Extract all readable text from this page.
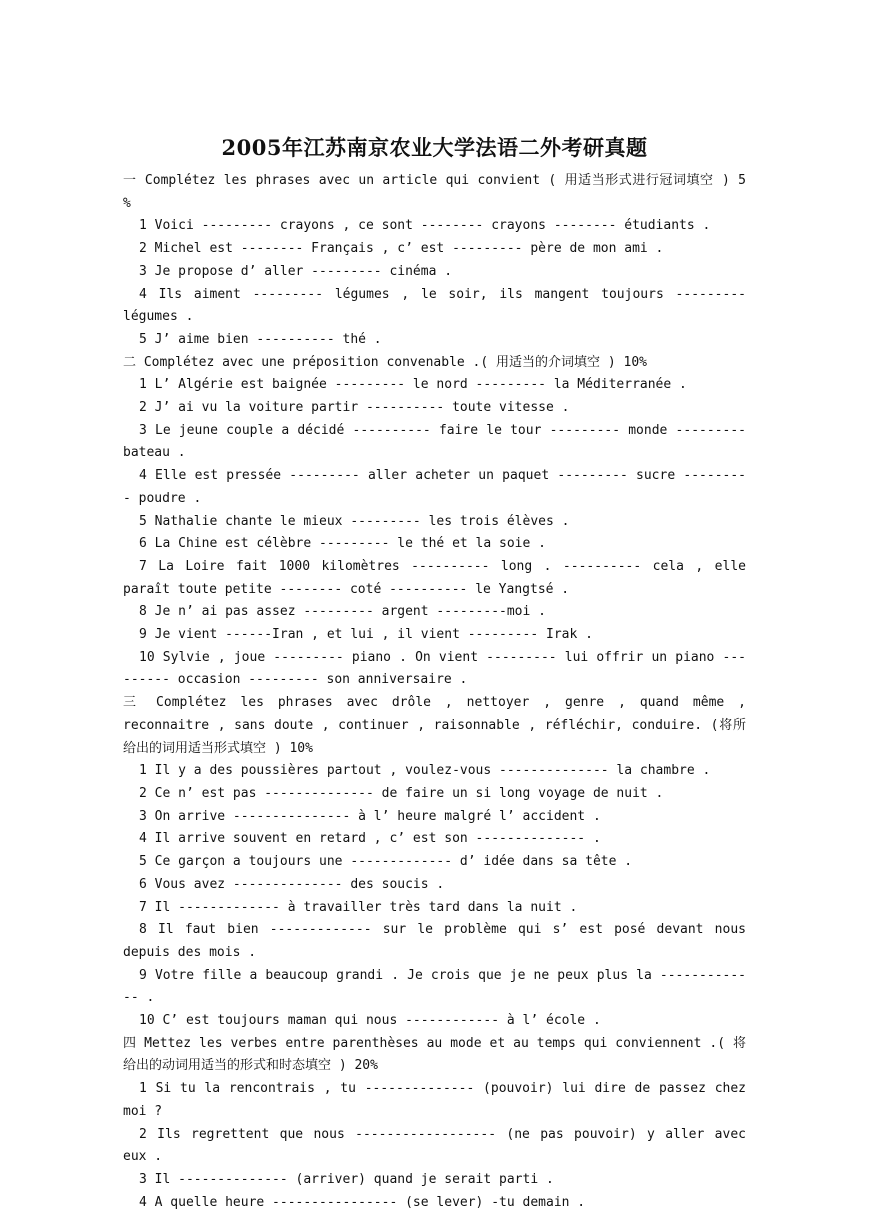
2005年江苏南京农业大学法语二外考研真题
一 Complétez les phrases avec un article qui convient ( 用适当形式进行冠词填空 ) 5 %
1 Voici --------- crayons , ce sont -------- crayons -------- étudiants .
2 Michel est -------- Français , c’ est --------- père de mon ami .
3 Je propose d’ aller --------- cinéma .
4 Ils aiment --------- légumes , le soir, ils mangent toujours --------- légumes .
5 J’ aime bien ---------- thé .
二 Complétez avec une préposition convenable .( 用适当的介词填空 ) 10%
1 L’ Algérie est baignée --------- le nord --------- la Méditerranée .
2 J’ ai vu la voiture partir ---------- toute vitesse .
3 Le jeune couple a décidé ---------- faire le tour --------- monde --------- bateau .
4 Elle est pressée --------- aller acheter un paquet --------- sucre --------- poudre .
5 Nathalie chante le mieux --------- les trois élèves .
6 La Chine est célèbre --------- le thé et la soie .
7 La Loire fait 1000 kilomètres ---------- long . ---------- cela , elle paraît toute petite -------- coté ---------- le Yangtsé .
8 Je n’ ai pas assez --------- argent ---------moi .
9 Je vient ------Iran , et lui , il vient --------- Irak .
10 Sylvie , joue --------- piano . On vient --------- lui offrir un piano --------- occasion --------- son anniversaire .
三 Complétez les phrases avec drôle , nettoyer , genre , quand même , reconnaitre , sans doute , continuer , raisonnable , réfléchir, conduire. (将所给出的词用适当形式填空 ) 10%
1 Il y a des poussières partout , voulez-vous -------------- la chambre .
2 Ce n’ est pas -------------- de faire un si long voyage de nuit .
3 On arrive --------------- à l’ heure malgré l’ accident .
4 Il arrive souvent en retard , c’ est son -------------- .
5 Ce garçon a toujours une ------------- d’ idée dans sa tête .
6 Vous avez -------------- des soucis .
7 Il ------------- à travailler très tard dans la nuit .
8 Il faut bien ------------- sur le problème qui s’ est posé devant nous depuis des mois .
9 Votre fille a beaucoup grandi . Je crois que je ne peux plus la ------------- .
10 C’ est toujours maman qui nous ------------ à l’ école .
四 Mettez les verbes entre parenthèses au mode et au temps qui conviennent .( 将给出的动词用适当的形式和时态填空 ) 20%
1 Si tu la rencontrais , tu -------------- (pouvoir) lui dire de passez chez moi ?
2 Ils regrettent que nous ------------------ (ne pas pouvoir) y aller avec eux .
3 Il -------------- (arriver) quand je serait parti .
4 A quelle heure ---------------- (se lever) -tu demain .
